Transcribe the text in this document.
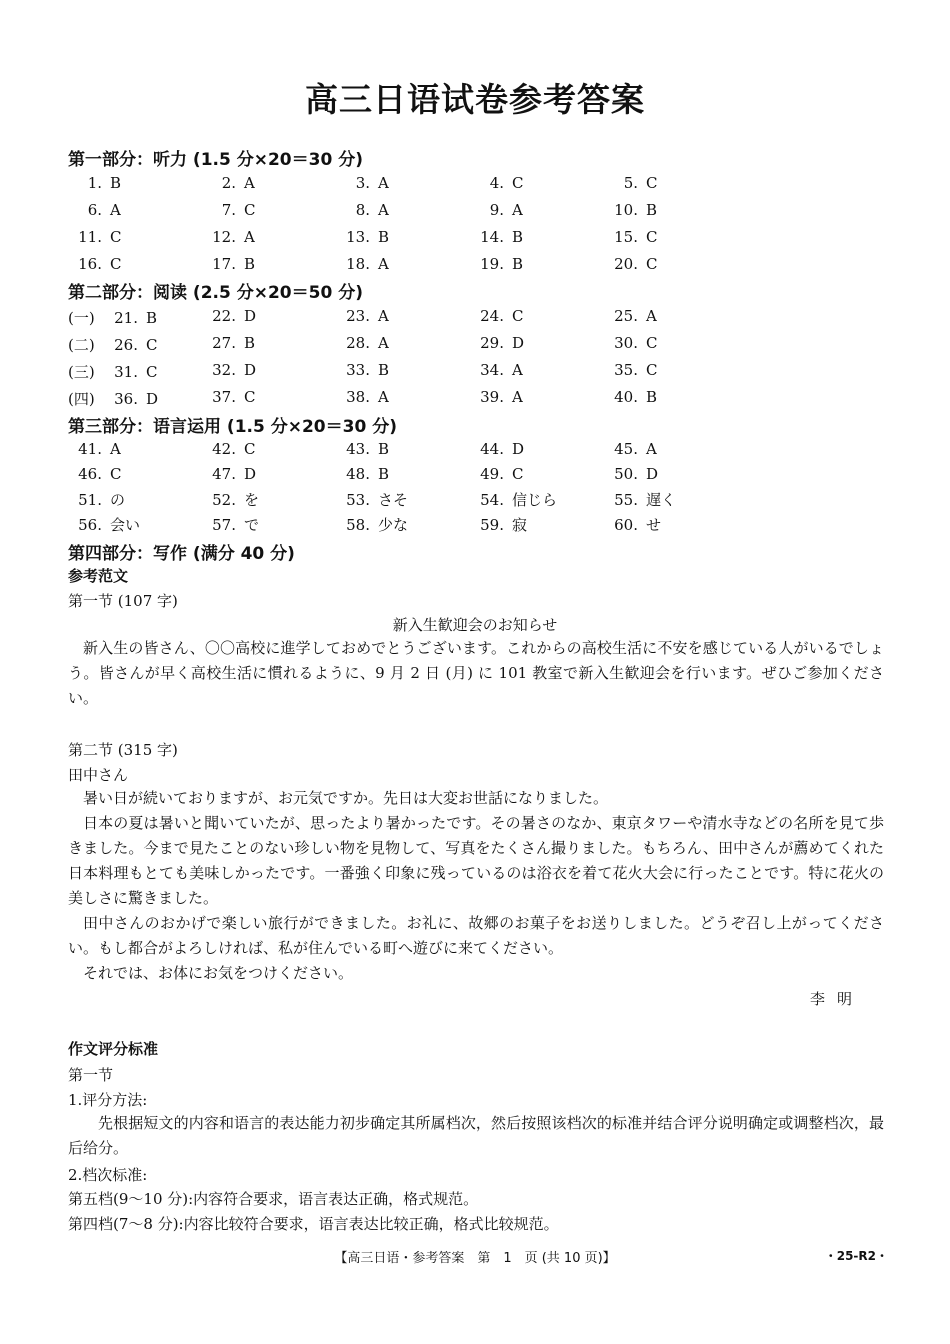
高三日语试卷参考答案
第一部分：听力 (1.5 分×20＝30 分)
1. B	2. A	3. A	4. C	5. C
6. A	7. C	8. A	9. A	10. B
11. C	12. A	13. B	14. B	15. C
16. C	17. B	18. A	19. B	20. C
第二部分：阅读 (2.5 分×20＝50 分)
(一) 21. B	22. D	23. A	24. C	25. A
(二) 26. C	27. B	28. A	29. D	30. C
(三) 31. C	32. D	33. B	34. A	35. C
(四) 36. D	37. C	38. A	39. A	40. B
第三部分：语言运用 (1.5 分×20＝30 分)
41. A	42. C	43. B	44. D	45. A
46. C	47. D	48. B	49. C	50. D
51. の	52. を	53. さそ	54. 信じら	55. 遅く
56. 会い	57. で	58. 少な	59. 寂	60. せ
第四部分：写作 (满分 40 分)
参考范文
第一节 (107 字)
新入生歓迎会のお知らせ
新入生の皆さん、〇〇高校に進学しておめでとうございます。これからの高校生活に不安を感じている人がいるでしょう。皆さんが早く高校生活に慣れるように、9 月 2 日 (月) に 101 教室で新入生歓迎会を行います。ぜひご参加ください。
第二节 (315 字)
田中さん
暑い日が続いておりますが、お元気ですか。先日は大変お世話になりました。
日本の夏は暑いと聞いていたが、思ったより暑かったです。その暑さのなか、東京タワーや清水寺などの名所を見て歩きました。今まで見たことのない珍しい物を見物して、写真をたくさん撮りました。もちろん、田中さんが薦めてくれた日本料理もとても美味しかったです。一番強く印象に残っているのは浴衣を着て花火大会に行ったことです。特に花火の美しさに驚きました。
田中さんのおかげで楽しい旅行ができました。お礼に、故郷のお菓子をお送りしました。どうぞ召し上がってください。もし都合がよろしければ、私が住んでいる町へ遊びに来てください。
それでは、お体にお気をつけください。
李明
作文评分标准
第一节
1.评分方法:
先根据短文的内容和语言的表达能力初步确定其所属档次，然后按照该档次的标准并结合评分说明确定或调整档次，最后给分。
2.档次标准:
第五档(9～10 分):内容符合要求，语言表达正确，格式规范。
第四档(7～8 分):内容比较符合要求，语言表达比较正确，格式比较规范。
【高三日语・参考答案　第　1　页 (共 10 页)】	・25-R2・
